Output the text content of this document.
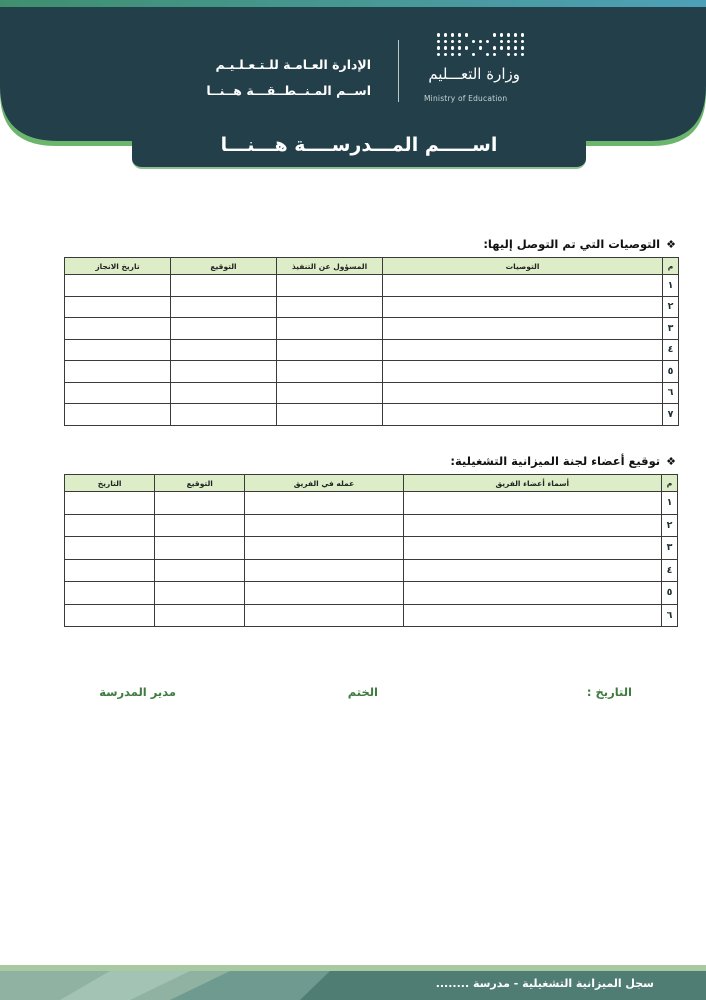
الإدارة العـامـة للـتـعـلـيـم
اســم المـنــطــقـــة هــنــا
وزارة التعـــليم
Ministry of Education
اســـــم المـــدرســــة هـــنـــا
❖
التوصيات التي تم التوصل إليها:
م	التوصيات	المسؤول عن التنفيذ	التوقيع	تاريخ الانجاز
١				
٢				
٣				
٤				
٥				
٦				
٧				
❖
توقيع أعضاء لجنة الميزانية التشغيلية:
م	أسماء أعضاء الفريق	عمله في الفريق	التوقيع	التاريخ
١				
٢				
٣				
٤				
٥				
٦				
التاريخ :
الختم
مدير المدرسة
سجل الميزانية التشغيلية - مدرسة ........
